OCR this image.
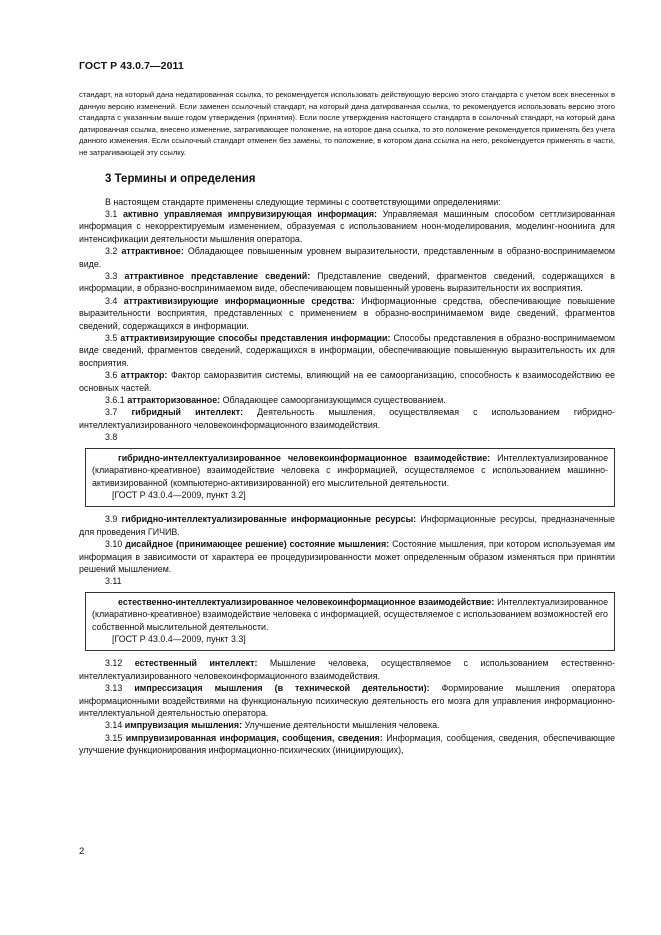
ГОСТ Р 43.0.7—2011

стандарт, на который дана недатированная ссылка, то рекомендуется использовать действующую версию этого стандарта с учетом всех внесенных в данную версию изменений. Если заменен ссылочный стандарт, на который дана датированная ссылка, то рекомендуется использовать версию этого стандарта с указанным выше годом утверждения (принятия). Если после утверждения настоящего стандарта в ссылочный стандарт, на который дана датированная ссылка, внесено изменение, затрагивающее положение, на которое дана ссылка, то это положение рекомендуется применять без учета данного изменения. Если ссылочный стандарт отменен без замены, то положение, в котором дана ссылка на него, рекомендуется применять в части, не затрагивающей эту ссылку.

3 Термины и определения

В настоящем стандарте применены следующие термины с соответствующими определениями:

3.1 активно управляемая импрувизирующая информация: Управляемая машинным способом сеттлизированная информация с некорректируемым изменением, образуемая с использованием ноон-моделирования, моделинг-ноонинга для интенсификации деятельности мышления оператора.

3.2 аттрактивное: Обладающее повышенным уровнем выразительности, представленным в образно-воспринимаемом виде.

3.3 аттрактивное представление сведений: Представление сведений, фрагментов сведений, содержащихся в информации, в образно-воспринимаемом виде, обеспечивающем повышенный уровень выразительности их восприятия.

3.4 аттрактивизирующие информационные средства: Информационные средства, обеспечивающие повышение выразительности восприятия, представленных с применением в образно-воспринимаемом виде сведений, фрагментов сведений, содержащихся в информации.

3.5 аттрактивизирующие способы представления информации: Способы представления в образно-воспринимаемом виде сведений, фрагментов сведений, содержащихся в информации, обеспечивающие повышенную выразительность их для восприятия.

3.6 аттрактор: Фактор саморазвития системы, влияющий на ее самоорганизацию, способность к взаимосодействию ее основных частей.

3.6.1 аттракторизованное: Обладающее самоорганизующимся существованием.

3.7 гибридный интеллект: Деятельность мышления, осуществляемая с использованием гибридно-интеллектуализированного человекоинформационного взаимодействия.

3.8

гибридно-интеллектуализированное человекоинформационное взаимодействие: Интеллектуализированное (клиаративно-креативное) взаимодействие человека с информацией, осуществляемое с использованием машинно-активизированной (компьютерно-активизированной) его мыслительной деятельности.

[ГОСТ Р 43.0.4—2009, пункт 3.2]

3.9 гибридно-интеллектуализированные информационные ресурсы: Информационные ресурсы, предназначенные для проведения ГИЧИВ.

3.10 дисайдное (принимающее решение) состояние мышления: Состояние мышления, при котором используемая им информация в зависимости от характера ее процедуризированности может определенным образом изменяться при принятии решений мышлением.

3.11

естественно-интеллектуализированное человекоинформационное взаимодействие: Интеллектуализированное (клиаративно-креативное) взаимодействие человека с информацией, осуществляемое с использованием возможностей его собственной мыслительной деятельности.

[ГОСТ Р 43.0.4—2009, пункт 3.3]

3.12 естественный интеллект: Мышление человека, осуществляемое с использованием естественно-интеллектуализированного человекоинформационного взаимодействия.

3.13 импрессизация мышления (в технической деятельности): Формирование мышления оператора информационными воздействиями на функциональную психическую деятельность его мозга для управления информационно-интеллектуальной деятельностью оператора.

3.14 импрувизация мышления: Улучшение деятельности мышления человека.

3.15 импрувизированная информация, сообщения, сведения: Информация, сообщения, сведения, обеспечивающие улучшение функционирования информационно-психических (инициирующих),

2
